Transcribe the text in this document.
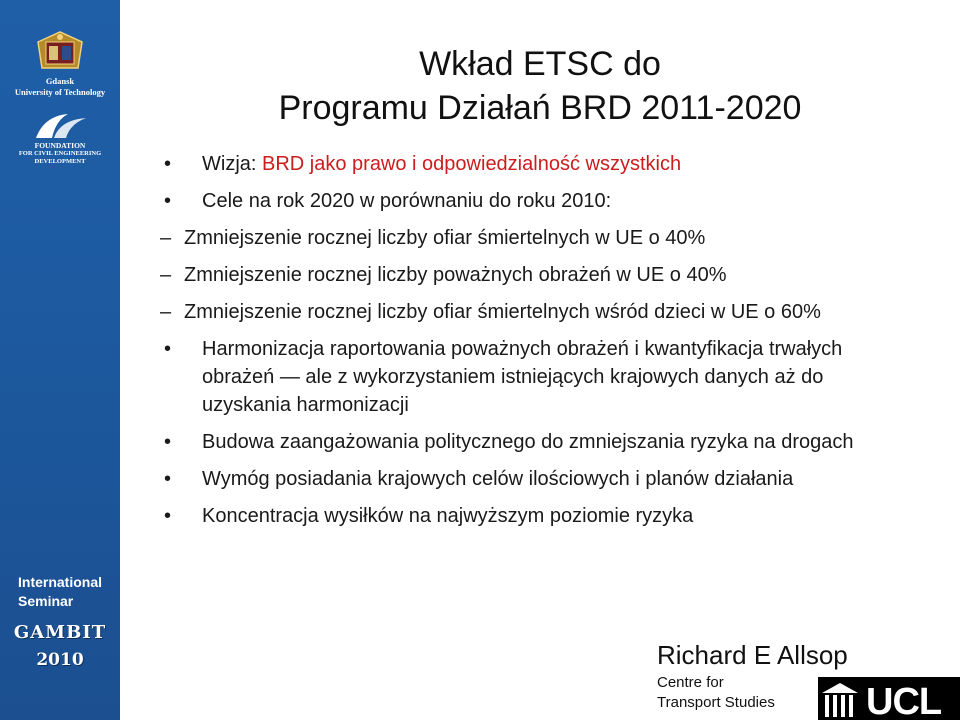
Gdansk
University of Technology
FOUNDATION
FOR CIVIL ENGINEERING DEVELOPMENT
International
Seminar
GAMBIT
2010
Wkład ETSC do
Programu Działań BRD 2011-2020
• Wizja: BRD jako prawo i odpowiedzialność wszystkich
• Cele na rok 2020 w porównaniu do roku 2010:
– Zmniejszenie rocznej liczby ofiar śmiertelnych w UE o 40%
– Zmniejszenie rocznej liczby poważnych obrażeń w UE o 40%
– Zmniejszenie rocznej liczby ofiar śmiertelnych wśród dzieci w UE o 60%
• Harmonizacja raportowania poważnych obrażeń i kwantyfikacja trwałych obrażeń — ale z wykorzystaniem istniejących krajowych danych aż do uzyskania harmonizacji
• Budowa zaangażowania politycznego do zmniejszania ryzyka na drogach
• Wymóg posiadania krajowych celów ilościowych i planów działania
• Koncentracja wysiłków na najwyższym poziomie ryzyka
Richard E Allsop
Centre for
Transport Studies UCL
